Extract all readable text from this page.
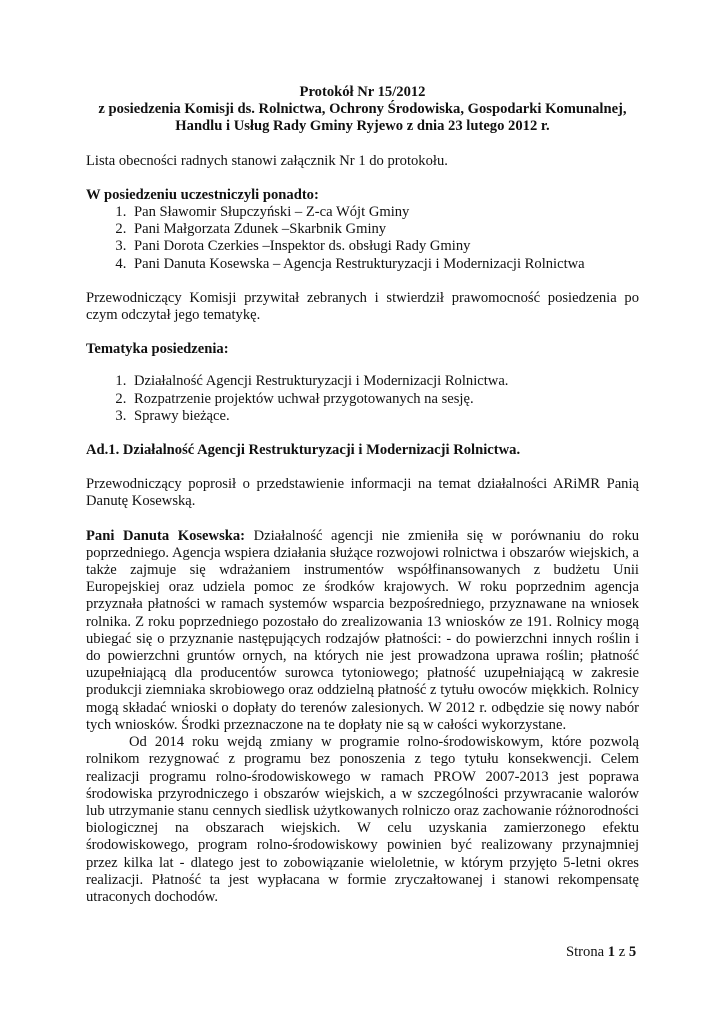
Protokół Nr 15/2012
z posiedzenia Komisji ds. Rolnictwa, Ochrony Środowiska, Gospodarki Komunalnej,
Handlu i Usług Rady Gminy Ryjewo z dnia 23 lutego 2012 r.

Lista obecności radnych stanowi załącznik Nr 1 do protokołu.

W posiedzeniu uczestniczyli ponadto:

1. Pan Sławomir Słupczyński – Z-ca Wójt Gminy
2. Pani Małgorzata Zdunek –Skarbnik Gminy
3. Pani Dorota Czerkies –Inspektor ds. obsługi Rady Gminy
4. Pani Danuta Kosewska – Agencja Restrukturyzacji i Modernizacji Rolnictwa

Przewodniczący Komisji przywitał zebranych i stwierdził prawomocność posiedzenia po czym odczytał jego tematykę.

Tematyka posiedzenia:

1. Działalność Agencji Restrukturyzacji i Modernizacji Rolnictwa.
2. Rozpatrzenie projektów uchwał przygotowanych na sesję.
3. Sprawy bieżące.

Ad.1. Działalność Agencji Restrukturyzacji i Modernizacji Rolnictwa.

Przewodniczący poprosił o przedstawienie informacji na temat działalności ARiMR Panią Danutę Kosewską.

Pani Danuta Kosewska: Działalność agencji nie zmieniła się w porównaniu do roku poprzedniego. Agencja wspiera działania służące rozwojowi rolnictwa i obszarów wiejskich, a także zajmuje się wdrażaniem instrumentów współfinansowanych z budżetu Unii Europejskiej oraz udziela pomoc ze środków krajowych. W roku poprzednim agencja przyznała płatności w ramach systemów wsparcia bezpośredniego, przyznawane na wniosek rolnika. Z roku poprzedniego pozostało do zrealizowania 13 wniosków ze 191. Rolnicy mogą ubiegać się o przyznanie następujących rodzajów płatności: - do powierzchni innych roślin i do powierzchni gruntów ornych, na których nie jest prowadzona uprawa roślin; płatność uzupełniającą dla producentów surowca tytoniowego; płatność uzupełniającą w zakresie produkcji ziemniaka skrobiowego oraz oddzielną płatność z tytułu owoców miękkich. Rolnicy mogą składać wnioski o dopłaty do terenów zalesionych. W 2012 r. odbędzie się nowy nabór tych wniosków. Środki przeznaczone na te dopłaty nie są w całości wykorzystane.

Od 2014 roku wejdą zmiany w programie rolno-środowiskowym, które pozwolą rolnikom rezygnować z programu bez ponoszenia z tego tytułu konsekwencji. Celem realizacji programu rolno-środowiskowego w ramach PROW 2007-2013 jest poprawa środowiska przyrodniczego i obszarów wiejskich, a w szczególności przywracanie walorów lub utrzymanie stanu cennych siedlisk użytkowanych rolniczo oraz zachowanie różnorodności biologicznej na obszarach wiejskich. W celu uzyskania zamierzonego efektu środowiskowego, program rolno-środowiskowy powinien być realizowany przynajmniej przez kilka lat - dlatego jest to zobowiązanie wieloletnie, w którym przyjęto 5-letni okres realizacji. Płatność ta jest wypłacana w formie zryczałtowanej i stanowi rekompensatę utraconych dochodów.

Strona 1 z 5
